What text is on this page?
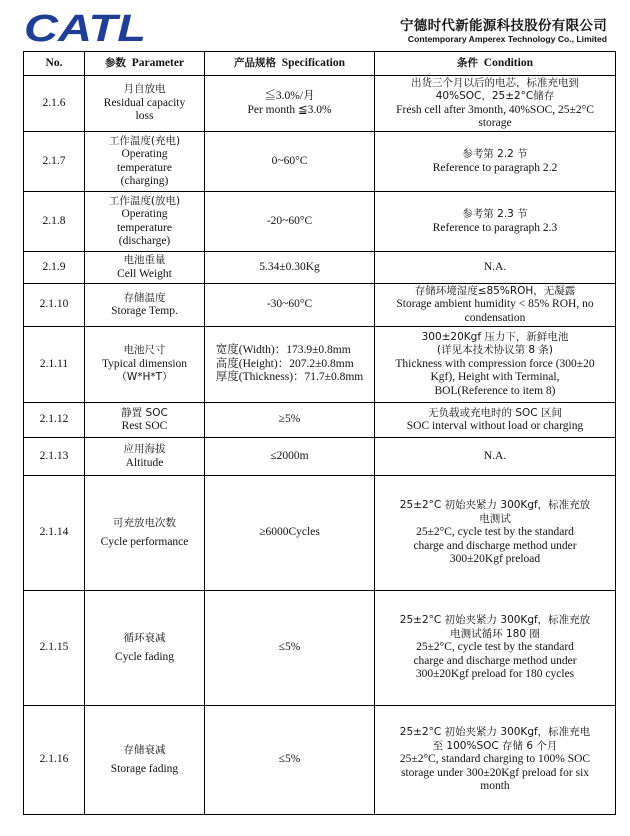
CATL	宁德时代新能源科技股份有限公司
Contemporary Amperex Technology Co., Limited
No.	参数 Parameter	产品规格 Specification	条件 Condition
2.1.6	月自放电
Residual capacity
loss	≦3.0%/月
Per month ≦3.0%	出货三个月以后的电芯，标准充电到
40%SOC，25±2°C储存
Fresh cell after 3month, 40%SOC, 25±2°C
storage

2.1.7	工作温度(充电)
Operating
temperature
(charging)	0~60°C	参考第 2.2 节
Reference to paragraph 2.2

2.1.8	工作温度(放电)
Operating
temperature
(discharge)	-20~60°C	参考第 2.3 节
Reference to paragraph 2.3

2.1.9	电池重量
Cell Weight	5.34±0.30Kg	N.A.
2.1.10	存储温度
Storage Temp.	-30~60°C	存储环境湿度≤85%ROH，无凝露
Storage ambient humidity < 85% ROH, no
condensation

2.1.11	电池尺寸
Typical dimension
（W*H*T）	宽度(Width)：173.9±0.8mm
高度(Height)：207.2±0.8mm
厚度(Thickness)：71.7±0.8mm	300±20Kgf 压力下，新鲜电池
(详见本技术协议第 8 条)
Thickness with compression force (300±20
Kgf), Height with Terminal,
BOL(Reference to item 8)

2.1.12	静置 SOC
Rest SOC	≥5%	无负载或充电时的 SOC 区间
SOC interval without load or charging

2.1.13	应用海拔
Altitude	≤2000m	N.A.
2.1.14	可充放电次数
Cycle performance	≥6000Cycles	25±2°C 初始夹紧力 300Kgf，标准充放
电测试
25±2°C, cycle test by the standard
charge and discharge method under
300±20Kgf preload

2.1.15	循环衰减
Cycle fading	≤5%	25±2°C 初始夹紧力 300Kgf，标准充放
电测试循环 180 圈
25±2°C, cycle test by the standard
charge and discharge method under
300±20Kgf preload for 180 cycles

2.1.16	存储衰减
Storage fading	≤5%	25±2°C 初始夹紧力 300Kgf，标准充电
至 100%SOC 存储 6 个月
25±2°C, standard charging to 100% SOC
storage under 300±20Kgf preload for six
month
